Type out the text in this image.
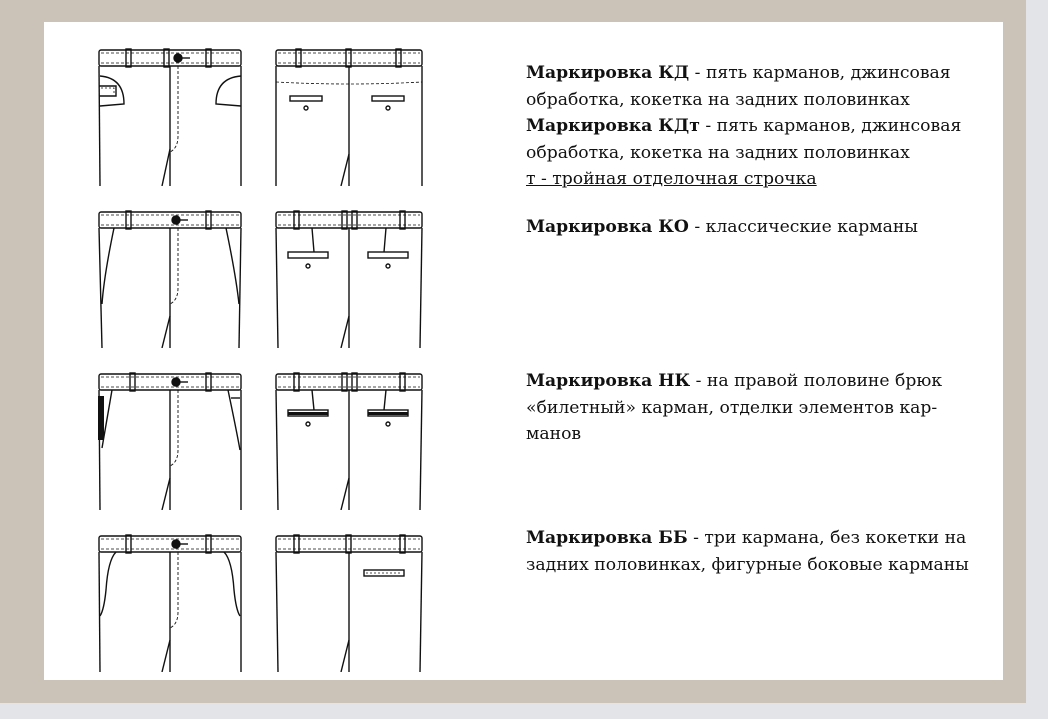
Маркировка КД - пять карманов, джинсовая обработка, кокетка на задних половинках

Маркировка КДт - пять карманов, джинсовая обработка, кокетка на задних половинках

т - тройная отделочная строчка

Маркировка КО - классические карманы

Маркировка НК - на правой половине брюк «билетный» карман, отделки элементов кар-манов

Маркировка ББ - три кармана, без кокетки на задних половинках, фигурные боковые карманы
